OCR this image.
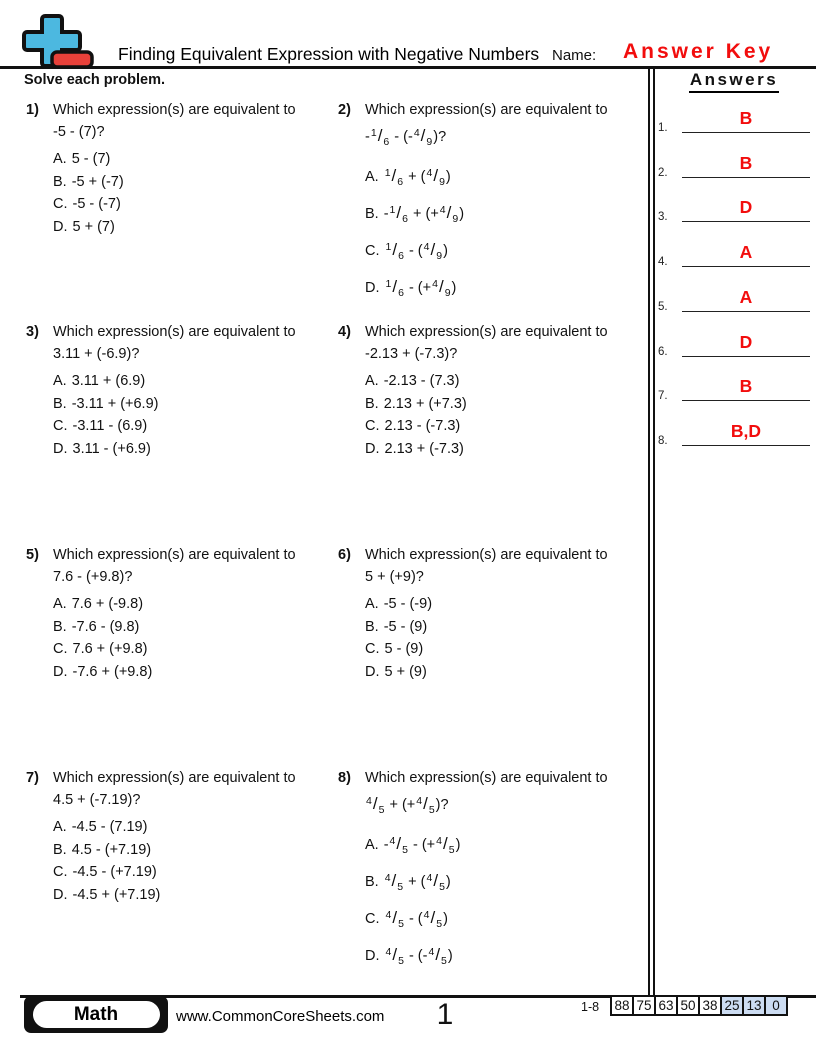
Finding Equivalent Expression with Negative Numbers Name: Answer Key
Solve each problem.
1) Which expression(s) are equivalent to
-5 - (7)?
A. 5 - (7)
B. -5 + (-7)
C. -5 - (-7)
D. 5 + (7)
2) Which expression(s) are equivalent to
$-^1/_6 - (-^4/_9)$?
A. $^1/_6 + (^4/_9)$
B. $-^1/_6 + (+^4/_9)$
C. $^1/_6 - (^4/_9)$
D. $^1/_6 - (+^4/_9)$
3) Which expression(s) are equivalent to
3.11 + (-6.9)?
A. 3.11 + (6.9)
B. -3.11 + (+6.9)
C. -3.11 - (6.9)
D. 3.11 - (+6.9)
4) Which expression(s) are equivalent to
-2.13 + (-7.3)?
A. -2.13 - (7.3)
B. 2.13 + (+7.3)
C. 2.13 - (-7.3)
D. 2.13 + (-7.3)
5) Which expression(s) are equivalent to
7.6 - (+9.8)?
A. 7.6 + (-9.8)
B. -7.6 - (9.8)
C. 7.6 + (+9.8)
D. -7.6 + (+9.8)
6) Which expression(s) are equivalent to
5 + (+9)?
A. -5 - (-9)
B. -5 - (9)
C. 5 - (9)
D. 5 + (9)
7) Which expression(s) are equivalent to
4.5 + (-7.19)?
A. -4.5 - (7.19)
B. 4.5 - (+7.19)
C. -4.5 - (+7.19)
D. -4.5 + (+7.19)
8) Which expression(s) are equivalent to
$^4/_5 + (+^4/_5)$?
A. $-^4/_5 - (+^4/_5)$
B. $^4/_5 + (^4/_5)$
C. $^4/_5 - (^4/_5)$
D. $^4/_5 - (-^4/_5)$
Answers
1.	B
2.	B
3.	D
4.	A
5.	A
6.	D
7.	B
8.	B,D
Math	www.CommonCoreSheets.com	1	1-8	88 75 63 50 38 25 13 0
